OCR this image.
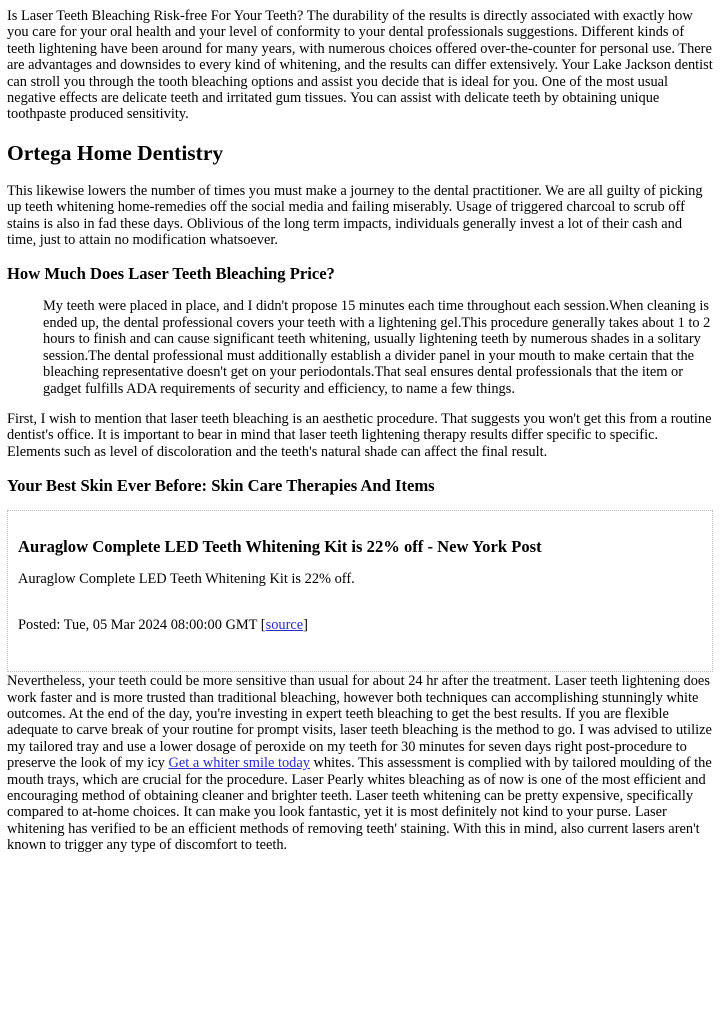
Is Laser Teeth Bleaching Risk-free For Your Teeth? The durability of the results is directly associated with exactly how you care for your oral health and your level of conformity to your dental professionals suggestions. Different kinds of teeth lightening have been around for many years, with numerous choices offered over-the-counter for personal use. There are advantages and downsides to every kind of whitening, and the results can differ extensively. Your Lake Jackson dentist can stroll you through the tooth bleaching options and assist you decide that is ideal for you. One of the most usual negative effects are delicate teeth and irritated gum tissues. You can assist with delicate teeth by obtaining unique toothpaste produced sensitivity.

Ortega Home Dentistry

This likewise lowers the number of times you must make a journey to the dental practitioner. We are all guilty of picking up teeth whitening home-remedies off the social media and failing miserably. Usage of triggered charcoal to scrub off stains is also in fad these days. Oblivious of the long term impacts, individuals generally invest a lot of their cash and time, just to attain no modification whatsoever.

How Much Does Laser Teeth Bleaching Price?
My teeth were placed in place, and I didn't propose 15 minutes each time throughout each session.When cleaning is ended up, the dental professional covers your teeth with a lightening gel.This procedure generally takes about 1 to 2 hours to finish and can cause significant teeth whitening, usually lightening teeth by numerous shades in a solitary session.The dental professional must additionally establish a divider panel in your mouth to make certain that the bleaching representative doesn't get on your periodontals.That seal ensures dental professionals that the item or gadget fulfills ADA requirements of security and efficiency, to name a few things.

First, I wish to mention that laser teeth bleaching is an aesthetic procedure. That suggests you won't get this from a routine dentist's office. It is important to bear in mind that laser teeth lightening therapy results differ specific to specific. Elements such as level of discoloration and the teeth's natural shade can affect the final result.

Your Best Skin Ever Before: Skin Care Therapies And Items
Auraglow Complete LED Teeth Whitening Kit is 22% off - New York Post

Auraglow Complete LED Teeth Whitening Kit is 22% off.

Posted: Tue, 05 Mar 2024 08:00:00 GMT [source]

Nevertheless, your teeth could be more sensitive than usual for about 24 hr after the treatment. Laser teeth lightening does work faster and is more trusted than traditional bleaching, however both techniques can accomplishing stunningly white outcomes. At the end of the day, you're investing in expert teeth bleaching to get the best results. If you are flexible adequate to carve break of your routine for prompt visits, laser teeth bleaching is the method to go. I was advised to utilize my tailored tray and use a lower dosage of peroxide on my teeth for 30 minutes for seven days right post-procedure to preserve the look of my icy Get a whiter smile today whites. This assessment is complied with by tailored moulding of the mouth trays, which are crucial for the procedure. Laser Pearly whites bleaching as of now is one of the most efficient and encouraging method of obtaining cleaner and brighter teeth. Laser teeth whitening can be pretty expensive, specifically compared to at-home choices. It can make you look fantastic, yet it is most definitely not kind to your purse. Laser whitening has verified to be an efficient methods of removing teeth' staining. With this in mind, also current lasers aren't known to trigger any type of discomfort to teeth.
